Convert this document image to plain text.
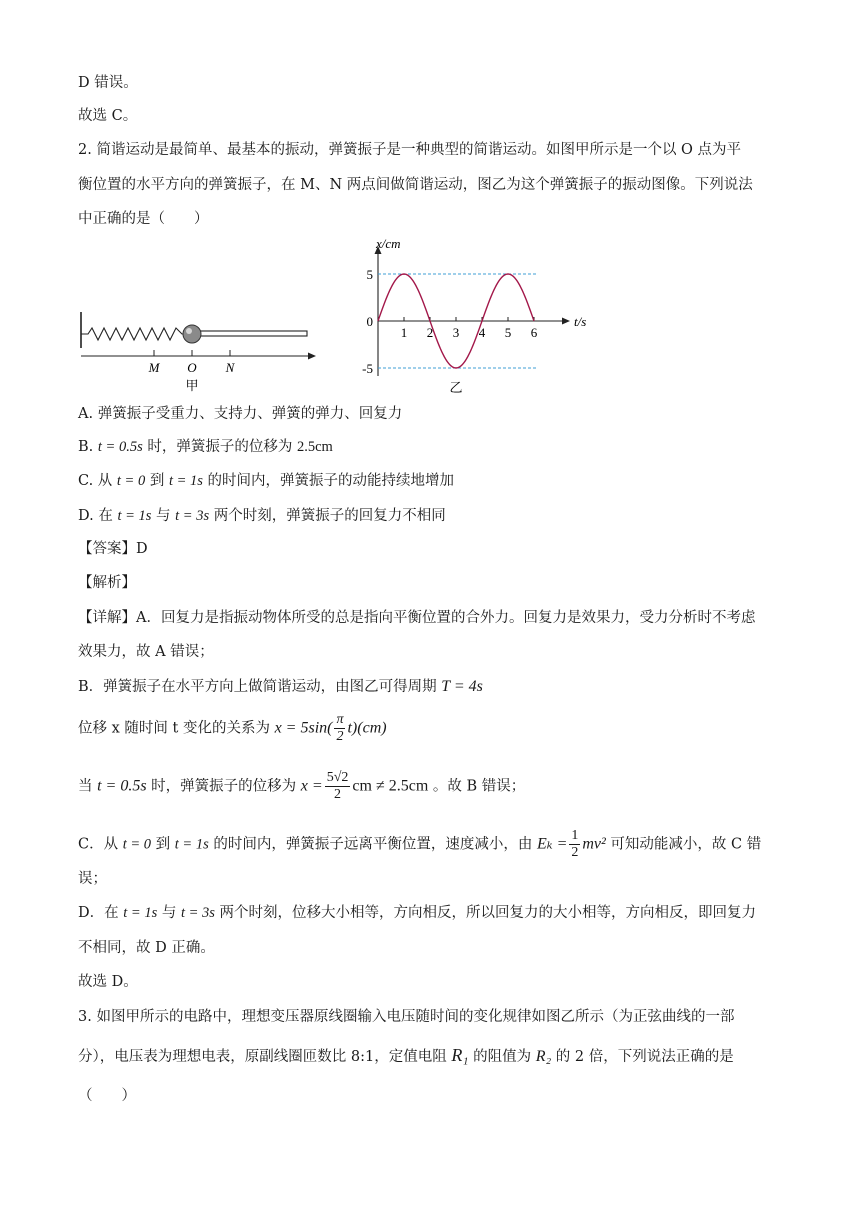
D 错误。
故选 C。
2. 简谐运动是最简单、最基本的振动，弹簧振子是一种典型的简谐运动。如图甲所示是一个以 O 点为平
衡位置的水平方向的弹簧振子，在 M、N 两点间做简谐运动，图乙为这个弹簧振子的振动图像。下列说法
中正确的是（　　）
M O N
甲
1 2 3 4 5 6
5
0
-5
x/cm
t/s
乙
A. 弹簧振子受重力、支持力、弹簧的弹力、回复力
B. t = 0.5s 时，弹簧振子的位移为 2.5cm
C. 从 t = 0 到 t = 1s 的时间内，弹簧振子的动能持续地增加
D. 在 t = 1s 与 t = 3s 两个时刻，弹簧振子的回复力不相同
【答案】D
【解析】
【详解】A．回复力是指振动物体所受的总是指向平衡位置的合外力。回复力是效果力，受力分析时不考虑
效果力，故 A 错误；
B．弹簧振子在水平方向上做简谐运动，由图乙可得周期 T = 4s
位移 x 随时间 t 变化的关系为 $x = 5\sin( \frac{\pi}{2} t)(cm)$
当 t = 0.5s 时，弹簧振子的位移为 $x = \frac{5√2}{2}$ cm ≠ 2.5cm 。故 B 错误；
C．从 t = 0 到 t = 1s 的时间内，弹簧振子远离平衡位置，速度减小，由 $E_k = \frac{1}{2} mv^2$ 可知动能减小，故 C 错
误；
D．在 t = 1s 与 t = 3s 两个时刻，位移大小相等，方向相反，所以回复力的大小相等，方向相反，即回复力
不相同，故 D 正确。
故选 D。
3. 如图甲所示的电路中，理想变压器原线圈输入电压随时间的变化规律如图乙所示（为正弦曲线的一部
分），电压表为理想电表，原副线圈匝数比 8:1，定值电阻 R₁ 的阻值为 R₂ 的 2 倍，下列说法正确的是
（　　）
